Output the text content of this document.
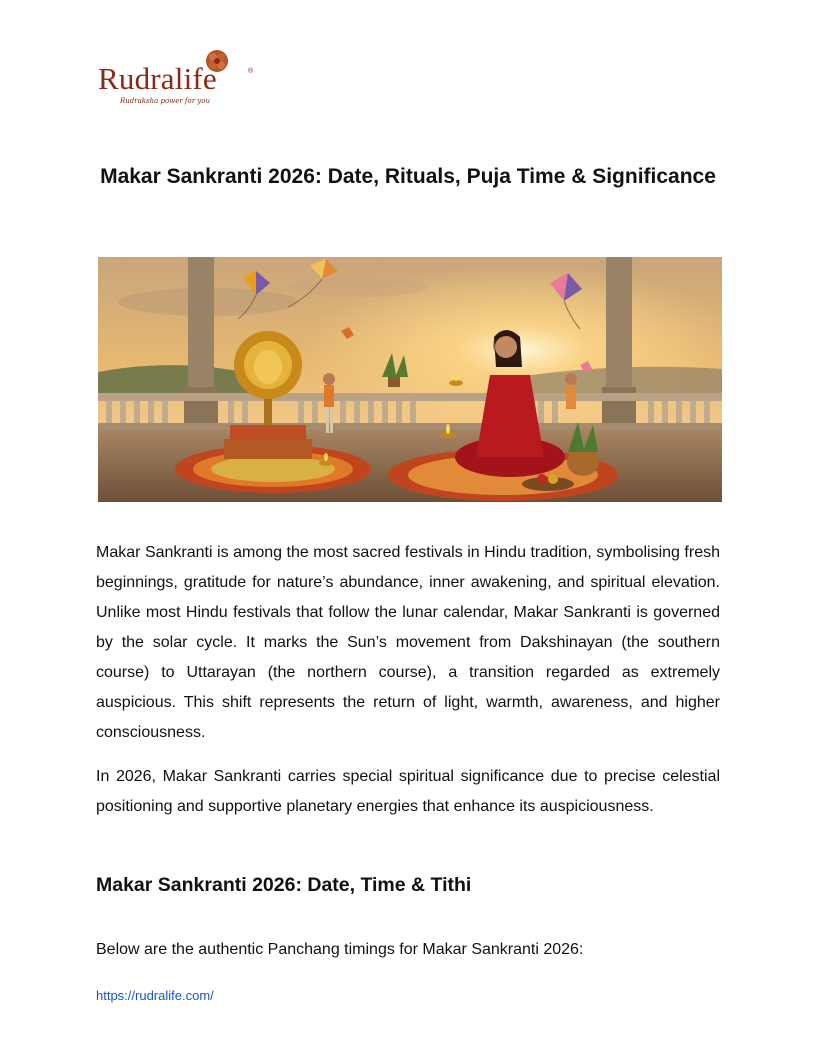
Rudralife	®
Rudraksha power for you
Makar Sankranti 2026: Date, Rituals, Puja Time & Significance

Makar Sankranti is among the most sacred festivals in Hindu tradition, symbolising fresh beginnings, gratitude for nature’s abundance, inner awakening, and spiritual elevation. Unlike most Hindu festivals that follow the lunar calendar, Makar Sankranti is governed by the solar cycle. It marks the Sun’s movement from Dakshinayan (the southern course) to Uttarayan (the northern course), a transition regarded as extremely auspicious. This shift represents the return of light, warmth, awareness, and higher consciousness.

In 2026, Makar Sankranti carries special spiritual significance due to precise celestial positioning and supportive planetary energies that enhance its auspiciousness.

Makar Sankranti 2026: Date, Time & Tithi

Below are the authentic Panchang timings for Makar Sankranti 2026:

https://rudralife.com/
